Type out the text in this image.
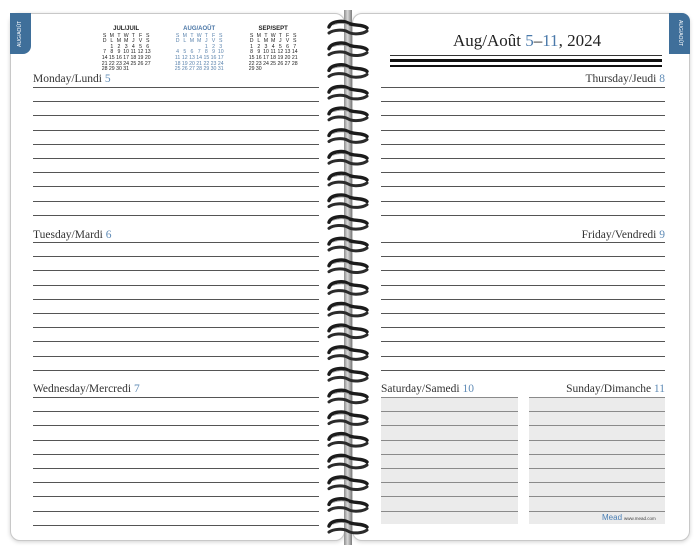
AUG/AOÛT	AUG/AOÛT
JUL/JUIL
S M T W T F S
D L M M J V S
1 2 3 4 5 6
7 8 9 10 11 12 13
14 15 16 17 18 19 20
21 22 23 24 25 26 27
28 29 30 31
AUG/AOÛT
S M T W T F S
D L M M J V S
1 2 3
4 5 6 7 8 9 10
11 12 13 14 15 16 17
18 19 20 21 22 23 24
25 26 27 28 29 30 31
SEP/SEPT
S M T W T F S
D L M M J V S
1 2 3 4 5 6 7
8 9 10 11 12 13 14
15 16 17 18 19 20 21
22 23 24 25 26 27 28
29 30
Aug/Août 5–11, 2024
Monday/Lundi 5
Tuesday/Mardi 6
Wednesday/Mercredi 7
Thursday/Jeudi 8
Friday/Vendredi 9
Saturday/Samedi 10	Sunday/Dimanche 11
Mead www.mead.com
